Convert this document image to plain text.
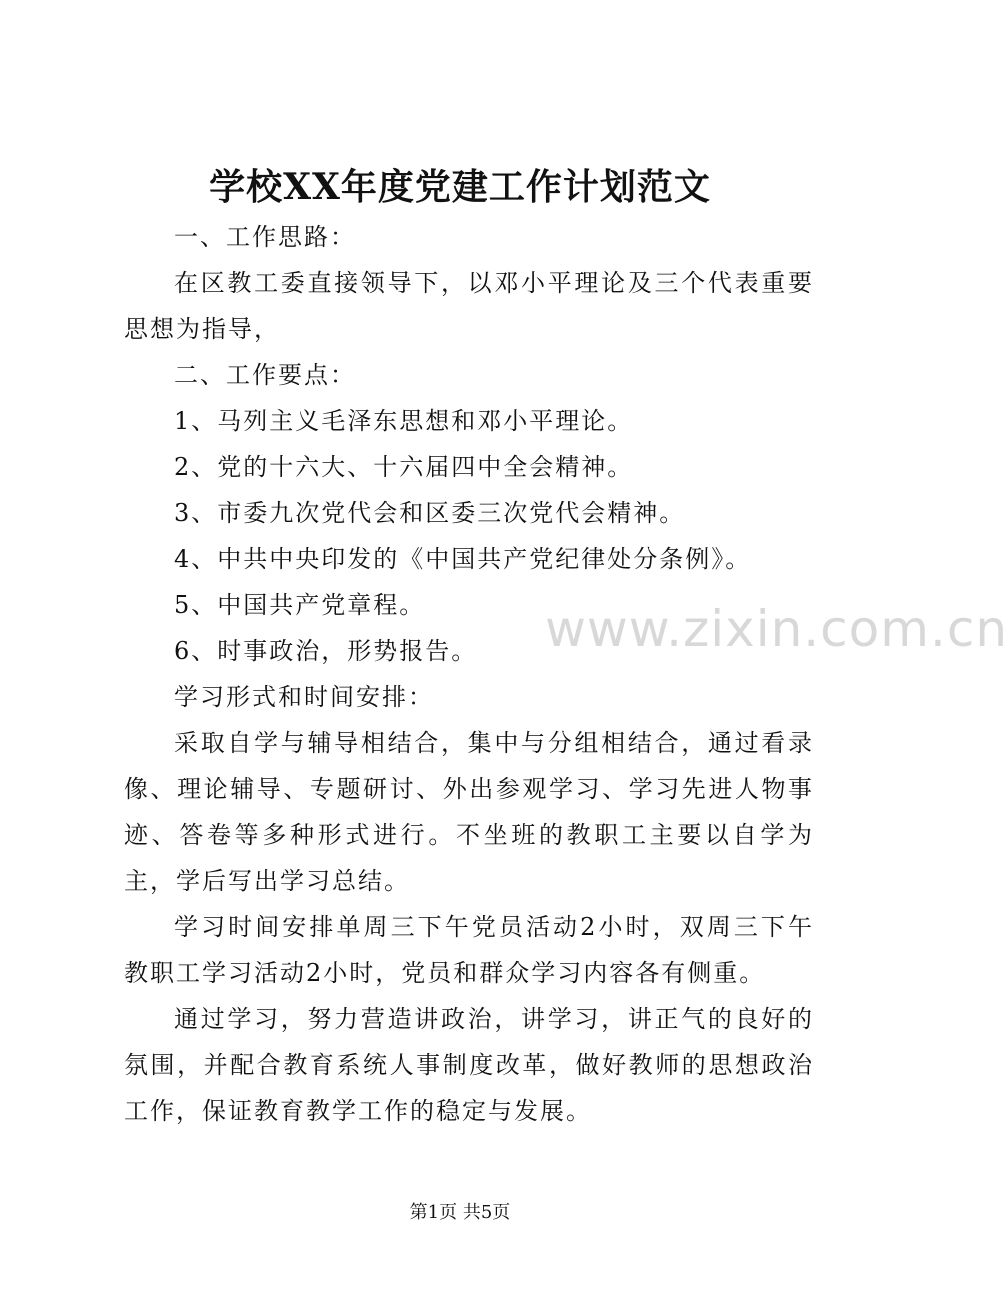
学校XX年度党建工作计划范文

一、工作思路：

在区教工委直接领导下，以邓小平理论及三个代表重要思想为指导，

二、工作要点：

1、马列主义毛泽东思想和邓小平理论。

2、党的十六大、十六届四中全会精神。

3、市委九次党代会和区委三次党代会精神。

4、中共中央印发的《中国共产党纪律处分条例》。

5、中国共产党章程。

6、时事政治，形势报告。

学习形式和时间安排：

采取自学与辅导相结合，集中与分组相结合，通过看录像、理论辅导、专题研讨、外出参观学习、学习先进人物事迹、答卷等多种形式进行。不坐班的教职工主要以自学为主，学后写出学习总结。

学习时间安排单周三下午党员活动2小时，双周三下午教职工学习活动2小时，党员和群众学习内容各有侧重。

通过学习，努力营造讲政治，讲学习，讲正气的良好的氛围，并配合教育系统人事制度改革，做好教师的思想政治工作，保证教育教学工作的稳定与发展。

www.zixin.com.cn
第1页 共5页
